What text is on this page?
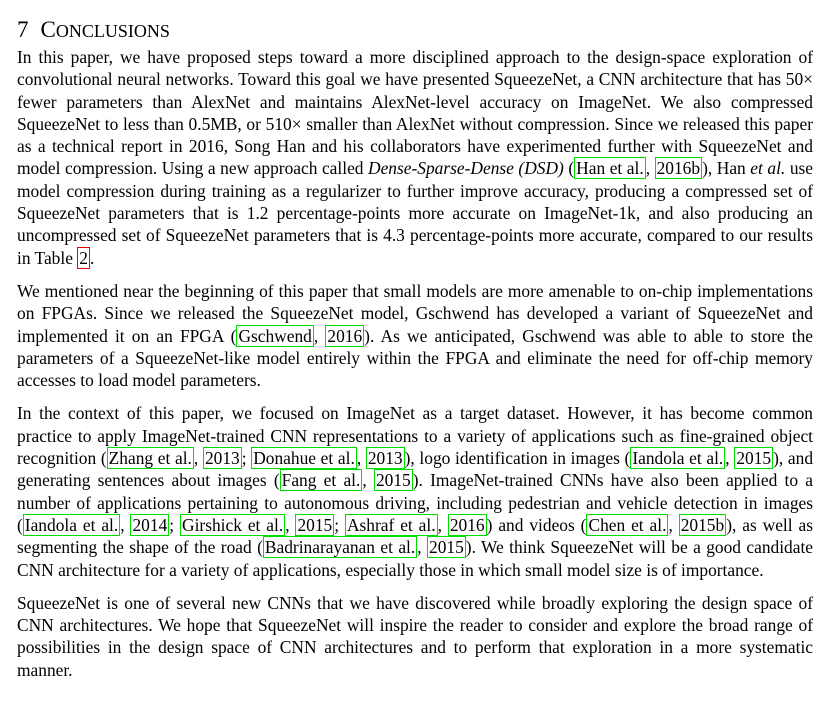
7 CONCLUSIONS

In this paper, we have proposed steps toward a more disciplined approach to the design-space exploration of convolutional neural networks. Toward this goal we have presented SqueezeNet, a CNN architecture that has 50× fewer parameters than AlexNet and maintains AlexNet-level accuracy on ImageNet. We also compressed SqueezeNet to less than 0.5MB, or 510× smaller than AlexNet without compression. Since we released this paper as a technical report in 2016, Song Han and his collaborators have experimented further with SqueezeNet and model compression. Using a new approach called Dense-Sparse-Dense (DSD) ( Han et al. , 2016b ), Han et al. use model compression during training as a regularizer to further improve accuracy, producing a compressed set of SqueezeNet parameters that is 1.2 percentage-points more accurate on ImageNet-1k, and also producing an uncompressed set of SqueezeNet parameters that is 4.3 percentage-points more accurate, compared to our results in Table 2 .

We mentioned near the beginning of this paper that small models are more amenable to on-chip implementations on FPGAs. Since we released the SqueezeNet model, Gschwend has developed a variant of SqueezeNet and implemented it on an FPGA ( Gschwend , 2016 ). As we anticipated, Gschwend was able to able to store the parameters of a SqueezeNet-like model entirely within the FPGA and eliminate the need for off-chip memory accesses to load model parameters.

In the context of this paper, we focused on ImageNet as a target dataset. However, it has become common practice to apply ImageNet-trained CNN representations to a variety of applications such as fine-grained object recognition ( Zhang et al. , 2013 ; Donahue et al. , 2013 ), logo identification in images ( Iandola et al. , 2015 ), and generating sentences about images ( Fang et al. , 2015 ). ImageNet-trained CNNs have also been applied to a number of applications pertaining to autonomous driving, including pedestrian and vehicle detection in images ( Iandola et al. , 2014 ; Girshick et al. , 2015 ; Ashraf et al. , 2016 ) and videos ( Chen et al. , 2015b ), as well as segmenting the shape of the road ( Badrinarayanan et al. , 2015 ). We think SqueezeNet will be a good candidate CNN architecture for a variety of applications, especially those in which small model size is of importance.

SqueezeNet is one of several new CNNs that we have discovered while broadly exploring the design space of CNN architectures. We hope that SqueezeNet will inspire the reader to consider and explore the broad range of possibilities in the design space of CNN architectures and to perform that exploration in a more systematic manner.
